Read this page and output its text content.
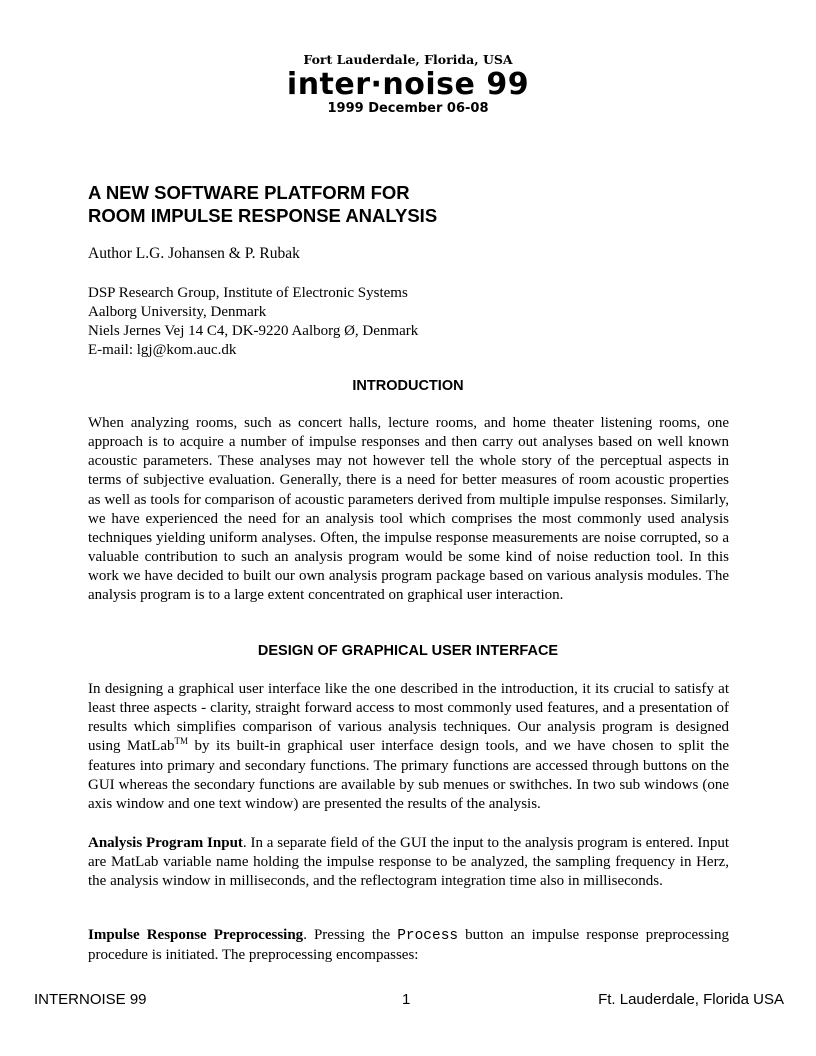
Fort Lauderdale, Florida, USA
inter·noise 99
1999 December 06-08
A NEW SOFTWARE PLATFORM FOR
ROOM IMPULSE RESPONSE ANALYSIS
Author L.G. Johansen & P. Rubak
DSP Research Group, Institute of Electronic Systems
Aalborg University, Denmark
Niels Jernes Vej 14 C4, DK-9220 Aalborg Ø, Denmark
E-mail: lgj@kom.auc.dk
INTRODUCTION

When analyzing rooms, such as concert halls, lecture rooms, and home theater listening rooms, one approach is to acquire a number of impulse responses and then carry out analyses based on well known acoustic parameters. These analyses may not however tell the whole story of the perceptual aspects in terms of subjective evaluation. Generally, there is a need for better measures of room acoustic properties as well as tools for comparison of acoustic parameters derived from multiple impulse responses. Similarly, we have experienced the need for an analysis tool which comprises the most commonly used analysis techniques yielding uniform analyses. Often, the impulse response measurements are noise corrupted, so a valuable contribution to such an analysis program would be some kind of noise reduction tool. In this work we have decided to built our own analysis program package based on various analysis modules. The analysis program is to a large extent concentrated on graphical user interaction.

DESIGN OF GRAPHICAL USER INTERFACE

In designing a graphical user interface like the one described in the introduction, it its crucial to satisfy at least three aspects - clarity, straight forward access to most commonly used features, and a presentation of results which simplifies comparison of various analysis techniques. Our analysis program is designed using MatLab™ by its built-in graphical user interface design tools, and we have chosen to split the features into primary and secondary functions. The primary functions are accessed through buttons on the GUI whereas the secondary functions are available by sub menues or swithches. In two sub windows (one axis window and one text window) are presented the results of the analysis.

Analysis Program Input. In a separate field of the GUI the input to the analysis program is entered. Input are MatLab variable name holding the impulse response to be analyzed, the sampling frequency in Herz, the analysis window in milliseconds, and the reflectogram integration time also in milliseconds.

Impulse Response Preprocessing. Pressing the Process button an impulse response preprocessing procedure is initiated. The preprocessing encompasses:

INTERNOISE 99	1	Ft. Lauderdale, Florida USA
